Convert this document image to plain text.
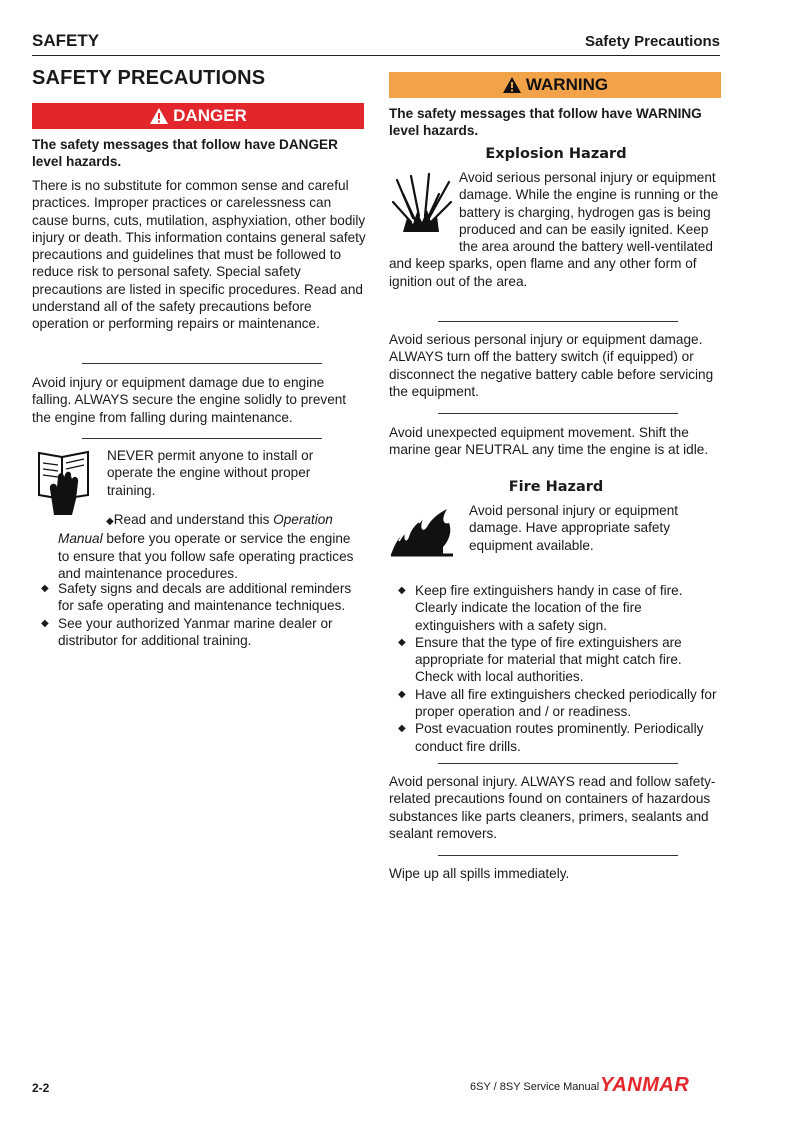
SAFETY	Safety Precautions
SAFETY PRECAUTIONS
DANGER
The safety messages that follow have DANGER level hazards.
There is no substitute for common sense and careful practices. Improper practices or carelessness can cause burns, cuts, mutilation, asphyxiation, other bodily injury or death. This information contains general safety precautions and guidelines that must be followed to reduce risk to personal safety. Special safety precautions are listed in specific procedures. Read and understand all of the safety precautions before operation or performing repairs or maintenance.
Avoid injury or equipment damage due to engine falling. ALWAYS secure the engine solidly to prevent the engine from falling during maintenance.
NEVER permit anyone to install or operate the engine without proper training.
◆Read and understand this Operation Manual before you operate or service the engine to ensure that you follow safe operating practices and maintenance procedures.
◆ Safety signs and decals are additional reminders for safe operating and maintenance techniques.
◆ See your authorized Yanmar marine dealer or distributor for additional training.
WARNING
The safety messages that follow have WARNING level hazards.
Explosion Hazard
Avoid serious personal injury or equipment damage. While the engine is running or the battery is charging, hydrogen gas is being produced and can be easily ignited. Keep the area around the battery well-ventilated and keep sparks, open flame and any other form of ignition out of the area.
Avoid serious personal injury or equipment damage. ALWAYS turn off the battery switch (if equipped) or disconnect the negative battery cable before servicing the equipment.
Avoid unexpected equipment movement. Shift the marine gear NEUTRAL any time the engine is at idle.
Fire Hazard
Avoid personal injury or equipment damage. Have appropriate safety equipment available.
◆ Keep fire extinguishers handy in case of fire. Clearly indicate the location of the fire extinguishers with a safety sign.
◆ Ensure that the type of fire extinguishers are appropriate for material that might catch fire. Check with local authorities.
◆ Have all fire extinguishers checked periodically for proper operation and / or readiness.
◆ Post evacuation routes prominently. Periodically conduct fire drills.
Avoid personal injury. ALWAYS read and follow safety-related precautions found on containers of hazardous substances like parts cleaners, primers, sealants and sealant removers.
Wipe up all spills immediately.
2-2	6SY / 8SY Service Manual YANMAR
